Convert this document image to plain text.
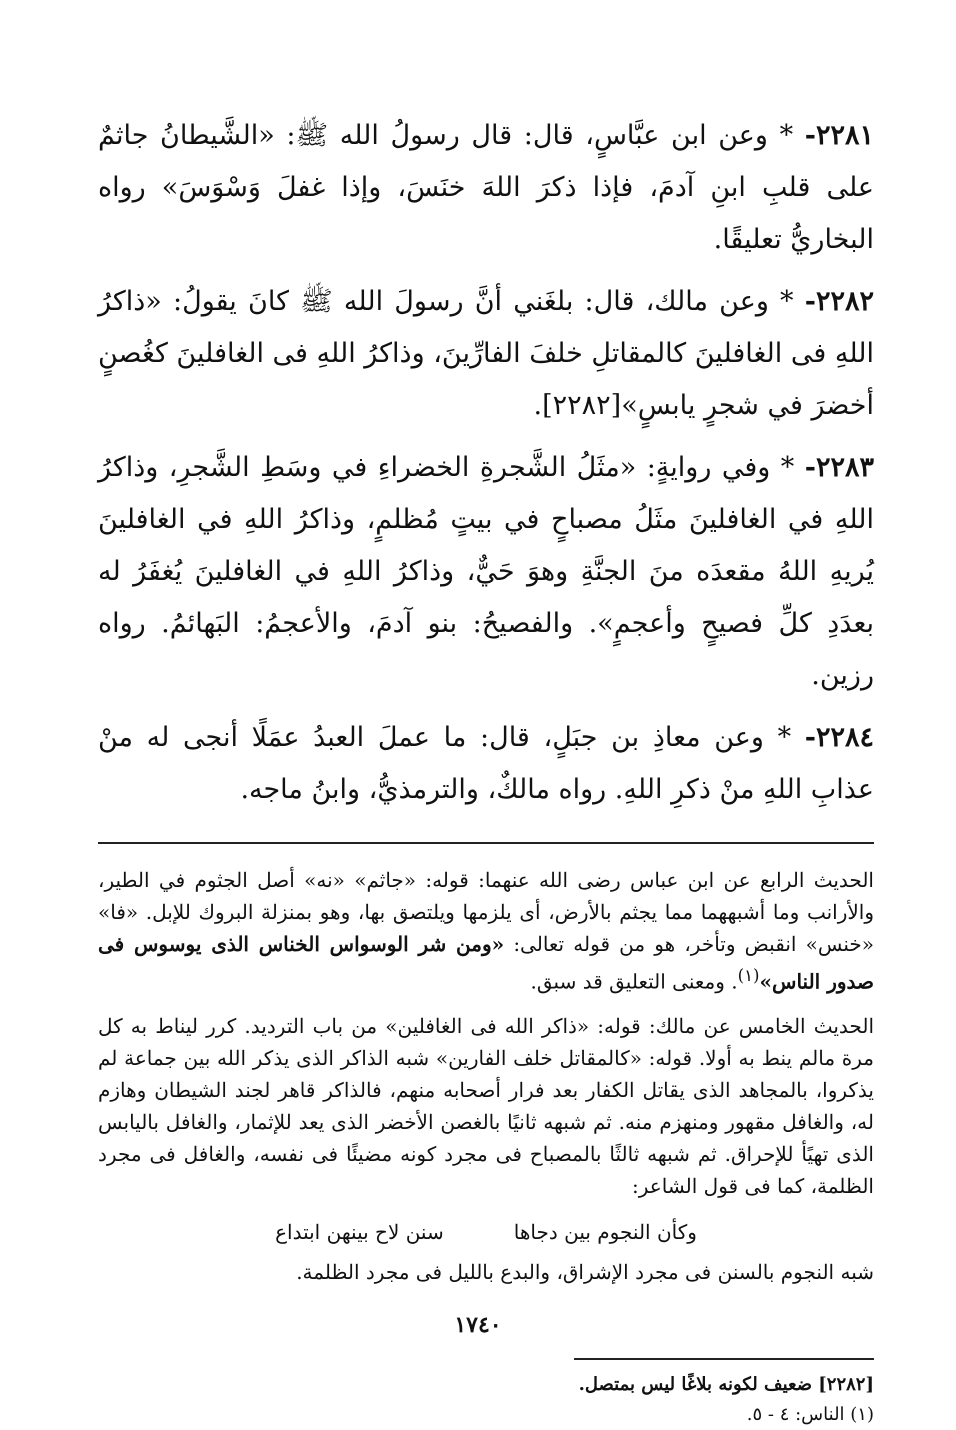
٢٢٨١- * وعن ابن عبَّاسٍ، قال: قال رسولُ الله ﷺ: «الشَّيطانُ جاثمٌ على قلبِ ابنِ آدمَ، فإذا ذكرَ اللهَ خنَسَ، وإذا غفلَ وَسْوَسَ» رواه البخاريُّ تعليقًا.

٢٢٨٢- * وعن مالك، قال: بلغَني أنَّ رسولَ الله ﷺ كانَ يقولُ: «ذاكرُ اللهِ فى الغافلينَ كالمقاتلِ خلفَ الفارِّينَ، وذاكرُ اللهِ فى الغافلينَ كغُصنٍ أخضرَ في شجرٍ يابسٍ»[٢٢٨٢].

٢٢٨٣- * وفي روايةٍ: «مثَلُ الشَّجرةِ الخضراءِ في وسَطِ الشَّجرِ، وذاكرُ اللهِ في الغافلينَ مثَلُ مصباحٍ في بيتٍ مُظلمٍ، وذاكرُ اللهِ في الغافلينَ يُريهِ اللهُ مقعدَه منَ الجنَّةِ وهوَ حَيٌّ، وذاكرُ اللهِ في الغافلينَ يُغفَرُ له بعدَدِ كلِّ فصيحٍ وأعجمٍ». والفصيحُ: بنو آدمَ، والأعجمُ: البَهائمُ. رواه رزين.

٢٢٨٤- * وعن معاذِ بن جبَلٍ، قال: ما عملَ العبدُ عمَلًا أنجى له منْ عذابِ اللهِ منْ ذكرِ اللهِ. رواه مالكٌ، والترمذيُّ، وابنُ ماجه.

الحديث الرابع عن ابن عباس رضى الله عنهما: قوله: «جاثم» «نه» أصل الجثوم في الطير، والأرانب وما أشبههما مما يجثم بالأرض، أى يلزمها ويلتصق بها، وهو بمنزلة البروك للإبل. «فا» «خنس» انقبض وتأخر، هو من قوله تعالى: «ومن شر الوسواس الخناس الذى يوسوس فى صدور الناس»$^{(١)}$. ومعنى التعليق قد سبق.

الحديث الخامس عن مالك: قوله: «ذاكر الله فى الغافلين» من باب الترديد. كرر ليناط به كل مرة مالم ينط به أولا. قوله: «كالمقاتل خلف الفارين» شبه الذاكر الذى يذكر الله بين جماعة لم يذكروا، بالمجاهد الذى يقاتل الكفار بعد فرار أصحابه منهم، فالذاكر قاهر لجند الشيطان وهازم له، والغافل مقهور ومنهزم منه. ثم شبهه ثانيًا بالغصن الأخضر الذى يعد للإثمار، والغافل باليابس الذى تهيًأ للإحراق. ثم شبهه ثالثًا بالمصباح فى مجرد كونه مضيئًا فى نفسه، والغافل فى مجرد الظلمة، كما فى قول الشاعر:

وكأن النجوم بين دجاها
سنن لاح بينهن ابتداع

شبه النجوم بالسنن فى مجرد الإشراق، والبدع بالليل فى مجرد الظلمة.

[٢٢٨٢] ضعيف لكونه بلاغًا ليس بمتصل.

(١) الناس: ٤ - ٥.

١٧٤٠
